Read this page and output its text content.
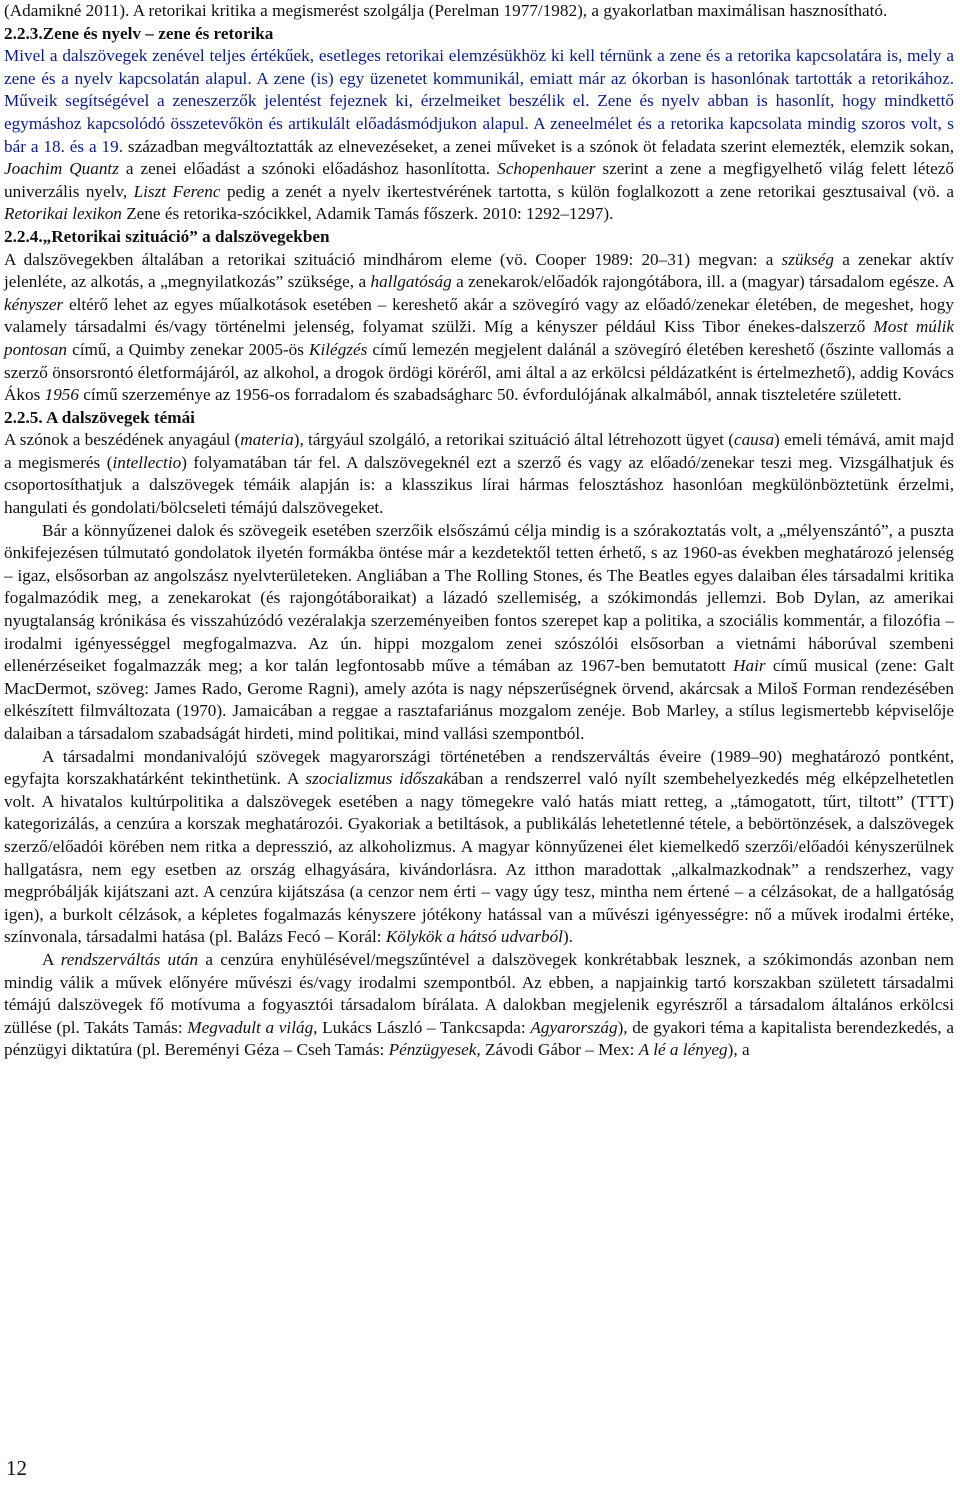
(Adamikné 2011). A retorikai kritika a megismerést szolgálja (Perelman 1977/1982), a gyakorlatban maximálisan hasznosítható.

2.2.3.Zene és nyelv – zene és retorika

Mivel a dalszövegek zenével teljes értékűek, esetleges retorikai elemzésükhöz ki kell térnünk a zene és a retorika kapcsolatára is, mely a zene és a nyelv kapcsolatán alapul. A zene (is) egy üzenetet kommunikál, emiatt már az ókorban is hasonlónak tartották a retorikához. Műveik segítségével a zeneszerzők jelentést fejeznek ki, érzelmeiket beszélik el. Zene és nyelv abban is hasonlít, hogy mindkettő egymáshoz kapcsolódó összetevőkön és artikulált előadásmódjukon alapul. A zeneelmélet és a retorika kapcsolata mindig szoros volt, s bár a 18. és a 19. században megváltoztatták az elnevezéseket, a zenei műveket is a szónok öt feladata szerint elemezték, elemzik sokan, Joachim Quantz a zenei előadást a szónoki előadáshoz hasonlította. Schopenhauer szerint a zene a megfigyelhető világ felett létező univerzális nyelv, Liszt Ferenc pedig a zenét a nyelv ikertestvérének tartotta, s külön foglalkozott a zene retorikai gesztusaival (vö. a Retorikai lexikon Zene és retorika-szócikkel, Adamik Tamás főszerk. 2010: 1292–1297).

2.2.4.„Retorikai szituáció” a dalszövegekben

A dalszövegekben általában a retorikai szituáció mindhárom eleme (vö. Cooper 1989: 20–31) megvan: a szükség a zenekar aktív jelenléte, az alkotás, a „megnyilatkozás” szüksége, a hallgatóság a zenekarok/előadók rajongótábora, ill. a (magyar) társadalom egésze. A kényszer eltérő lehet az egyes műalkotások esetében – kereshető akár a szövegíró vagy az előadó/zenekar életében, de megeshet, hogy valamely társadalmi és/vagy történelmi jelenség, folyamat szülži. Míg a kényszer például Kiss Tibor énekes-dalszerző Most múlik pontosan című, a Quimby zenekar 2005-ös Kilégzés című lemezén megjelent dalánál a szövegíró életében kereshető (őszinte vallomás a szerző önsorsrontó életformájáról, az alkohol, a drogok ördögi köréről, ami által a az erkölcsi példázatként is értelmezhető), addig Kovács Ákos 1956 című szerzeménye az 1956-os forradalom és szabadságharc 50. évfordulójának alkalmából, annak tiszteletére született.

2.2.5. A dalszövegek témái

A szónok a beszédének anyagául (materia), tárgyául szolgáló, a retorikai szituáció által létrehozott ügyet (causa) emeli témává, amit majd a megismerés (intellectio) folyamatában tár fel. A dalszövegeknél ezt a szerző és vagy az előadó/zenekar teszi meg. Vizsgálhatjuk és csoportosíthatjuk a dalszövegek témáik alapján is: a klasszikus lírai hármas felosztáshoz hasonlóan megkülönböztetünk érzelmi, hangulati és gondolati/bölcseleti témájú dalszövegeket.

Bár a könnyűzenei dalok és szövegeik esetében szerzőik elsőszámú célja mindig is a szórakoztatás volt, a „mélyenszántó”, a puszta önkifejezésen túlmutató gondolatok ilyetén formákba öntése már a kezdetektől tetten érhető, s az 1960-as években meghatározó jelenség – igaz, elsősorban az angolszász nyelvterületeken. Angliában a The Rolling Stones, és The Beatles egyes dalaiban éles társadalmi kritika fogalmazódik meg, a zenekarokat (és rajongótáboraikat) a lázadó szellemiség, a szókimondás jellemzi. Bob Dylan, az amerikai nyugtalanság krónikása és visszahúzódó vezéralakja szerzeményeiben fontos szerepet kap a politika, a szociális kommentár, a filozófia – irodalmi igényességgel megfogalmazva. Az ún. hippi mozgalom zenei szószólói elsősorban a vietnámi háborúval szembeni ellenérzéseiket fogalmazzák meg; a kor talán legfontosabb műve a témában az 1967-ben bemutatott Hair című musical (zene: Galt MacDermot, szöveg: James Rado, Gerome Ragni), amely azóta is nagy népszerűségnek örvend, akárcsak a Miloš Forman rendezésében elkészített filmváltozata (1970). Jamaicában a reggae a rasztafariánus mozgalom zenéje. Bob Marley, a stílus legismertebb képviselője dalaiban a társadalom szabadságát hirdeti, mind politikai, mind vallási szempontból.

A társadalmi mondanivalójú szövegek magyarországi történetében a rendszerváltás éveire (1989–90) meghatározó pontként, egyfajta korszakhatárként tekinthetünk. A szocializmus időszakában a rendszerrel való nyílt szembehelyezkedés még elképzelhetetlen volt. A hivatalos kultúrpolitika a dalszövegek esetében a nagy tömegekre való hatás miatt retteg, a „támogatott, tűrt, tiltott” (TTT) kategorizálás, a cenzúra a korszak meghatározói. Gyakoriak a betiltások, a publikálás lehetetlenné tétele, a bebörtönzések, a dalszövegek szerző/előadói körében nem ritka a depresszió, az alkoholizmus. A magyar könnyűzenei élet kiemelkedő szerzői/előadói kényszerülnek hallgatásra, nem egy esetben az ország elhagyására, kivándorlásra. Az itthon maradottak „alkalmazkodnak” a rendszerhez, vagy megpróbálják kijátszani azt. A cenzúra kijátszása (a cenzor nem érti – vagy úgy tesz, mintha nem értené – a célzásokat, de a hallgatóság igen), a burkolt célzások, a képletes fogalmazás kényszere jótékony hatással van a művészi igényességre: nő a művek irodalmi értéke, színvonala, társadalmi hatása (pl. Balázs Fecó – Korál: Kölykök a hátsó udvarból).

A rendszerváltás után a cenzúra enyhülésével/megszűntével a dalszövegek konkrétabbak lesznek, a szókimondás azonban nem mindig válik a művek előnyére művészi és/vagy irodalmi szempontból. Az ebben, a napjainkig tartó korszakban született társadalmi témájú dalszövegek fő motívuma a fogyasztói társadalom bírálata. A dalokban megjelenik egyrészről a társadalom általános erkölcsi züllése (pl. Takáts Tamás: Megvadult a világ, Lukács László – Tankcsapda: Agyarország), de gyakori téma a kapitalista berendezkedés, a pénzügyi diktatúra (pl. Bereményi Géza – Cseh Tamás: Pénzügyesek, Závodi Gábor – Mex: A lé a lényeg), a

12
